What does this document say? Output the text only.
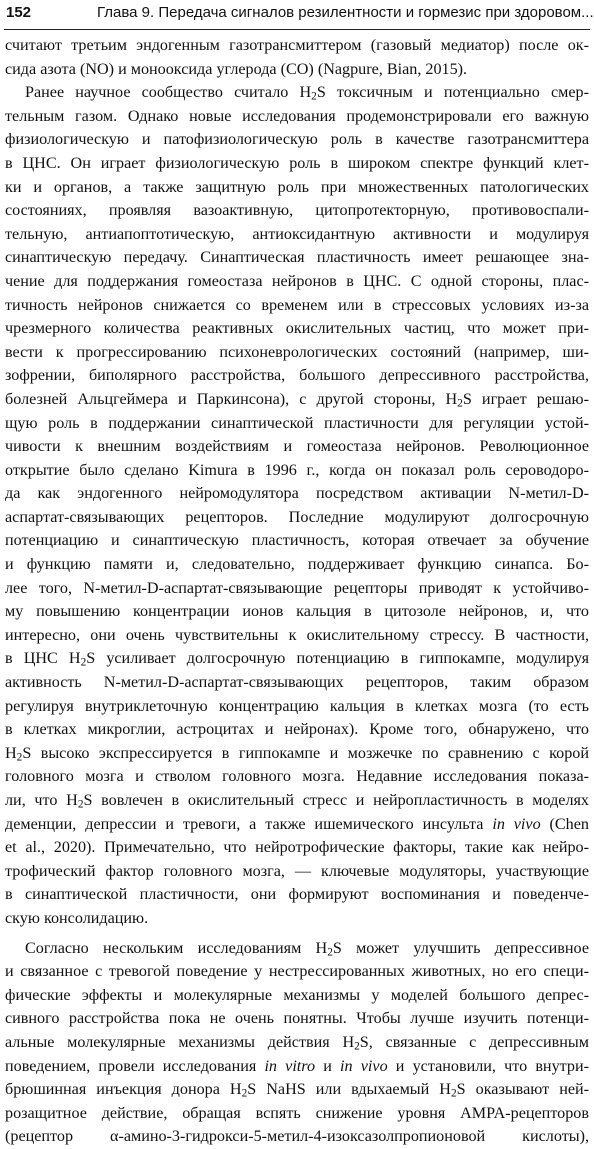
152	Глава 9. Передача сигналов резилентности и гормезис при здоровом...
считают третьим эндогенным газотрансмиттером (газовый медиатор) после ок-
сида азота (NO) и монооксида углерода (CO) (Nagpure, Bian, 2015).
Ранее научное сообщество считало $H_2S$ токсичным и потенциально смер-
тельным газом. Однако новые исследования продемонстрировали его важную
физиологическую и патофизиологическую роль в качестве газотрансмиттера
в ЦНС. Он играет физиологическую роль в широком спектре функций клет-
ки и органов, а также защитную роль при множественных патологических
состояниях, проявляя вазоактивную, цитопротекторную, противовоспали-
тельную, антиапоптотическую, антиоксидантную активности и модулируя
синаптическую передачу. Синаптическая пластичность имеет решающее зна-
чение для поддержания гомеостаза нейронов в ЦНС. С одной стороны, плас-
тичность нейронов снижается со временем или в стрессовых условиях из-за
чрезмерного количества реактивных окислительных частиц, что может при-
вести к прогрессированию психоневрологических состояний (например, ши-
зофрении, биполярного расстройства, большого депрессивного расстройства,
болезней Альцгеймера и Паркинсона), с другой стороны, $H_2S$ играет решаю-
щую роль в поддержании синаптической пластичности для регуляции устой-
чивости к внешним воздействиям и гомеостаза нейронов. Революционное
открытие было сделано Kimura в 1996 г., когда он показал роль сероводоро-
да как эндогенного нейромодулятора посредством активации N-метил-D-
аспартат-связывающих рецепторов. Последние модулируют долгосрочную
потенциацию и синаптическую пластичность, которая отвечает за обучение
и функцию памяти и, следовательно, поддерживает функцию синапса. Бо-
лее того, N-метил-D-аспартат-связывающие рецепторы приводят к устойчиво-
му повышению концентрации ионов кальция в цитозоле нейронов, и, что
интересно, они очень чувствительны к окислительному стрессу. В частности,
в ЦНС $H_2S$ усиливает долгосрочную потенциацию в гиппокампе, модулируя
активность N-метил-D-аспартат-связывающих рецепторов, таким образом
регулируя внутриклеточную концентрацию кальция в клетках мозга (то есть
в клетках микроглии, астроцитах и нейронах). Кроме того, обнаружено, что
$H_2S$ высоко экспрессируется в гиппокампе и мозжечке по сравнению с корой
головного мозга и стволом головного мозга. Недавние исследования показа-
ли, что $H_2S$ вовлечен в окислительный стресс и нейропластичность в моделях
деменции, депрессии и тревоги, а также ишемического инсульта in vivo (Chen
et al., 2020). Примечательно, что нейротрофические факторы, такие как нейро-
трофический фактор головного мозга, — ключевые модуляторы, участвующие
в синаптической пластичности, они формируют воспоминания и поведенче-
скую консолидацию.
Согласно нескольким исследованиям $H_2S$ может улучшить депрессивное
и связанное с тревогой поведение у нестрессированных животных, но его специ-
фические эффекты и молекулярные механизмы у моделей большого депрес-
сивного расстройства пока не очень понятны. Чтобы лучше изучить потенци-
альные молекулярные механизмы действия $H_2S$, связанные с депрессивным
поведением, провели исследования in vitro и in vivo и установили, что внутри-
брюшинная инъекция донора $H_2S$ NaHS или вдыхаемый $H_2S$ оказывают ней-
розащитное действие, обращая вспять снижение уровня AMPA-рецепторов
(рецептор α-амино-3-гидрокси-5-метил-4-изоксазолпропионовой кислоты),
